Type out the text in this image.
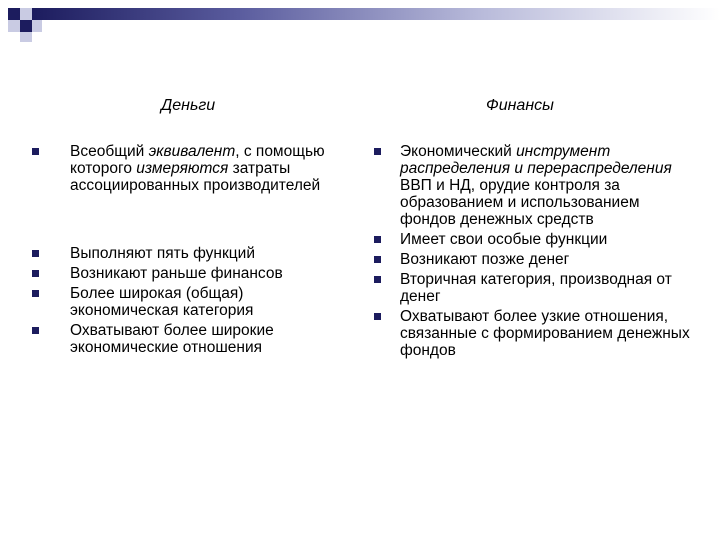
Деньги	Финансы
Всеобщий эквивалент, с помощью которого измеряются затраты ассоциированных производителей
Выполняют пять функций
Возникают раньше финансов
Более широкая (общая) экономическая категория
Охватывают более широкие экономические отношения
Экономический инструмент распределения и перераспределения ВВП и НД, орудие контроля за образованием и использованием фондов денежных средств
Имеет свои особые функции
Возникают позже денег
Вторичная категория, производная от денег
Охватывают более узкие отношения, связанные с формированием денежных фондов
